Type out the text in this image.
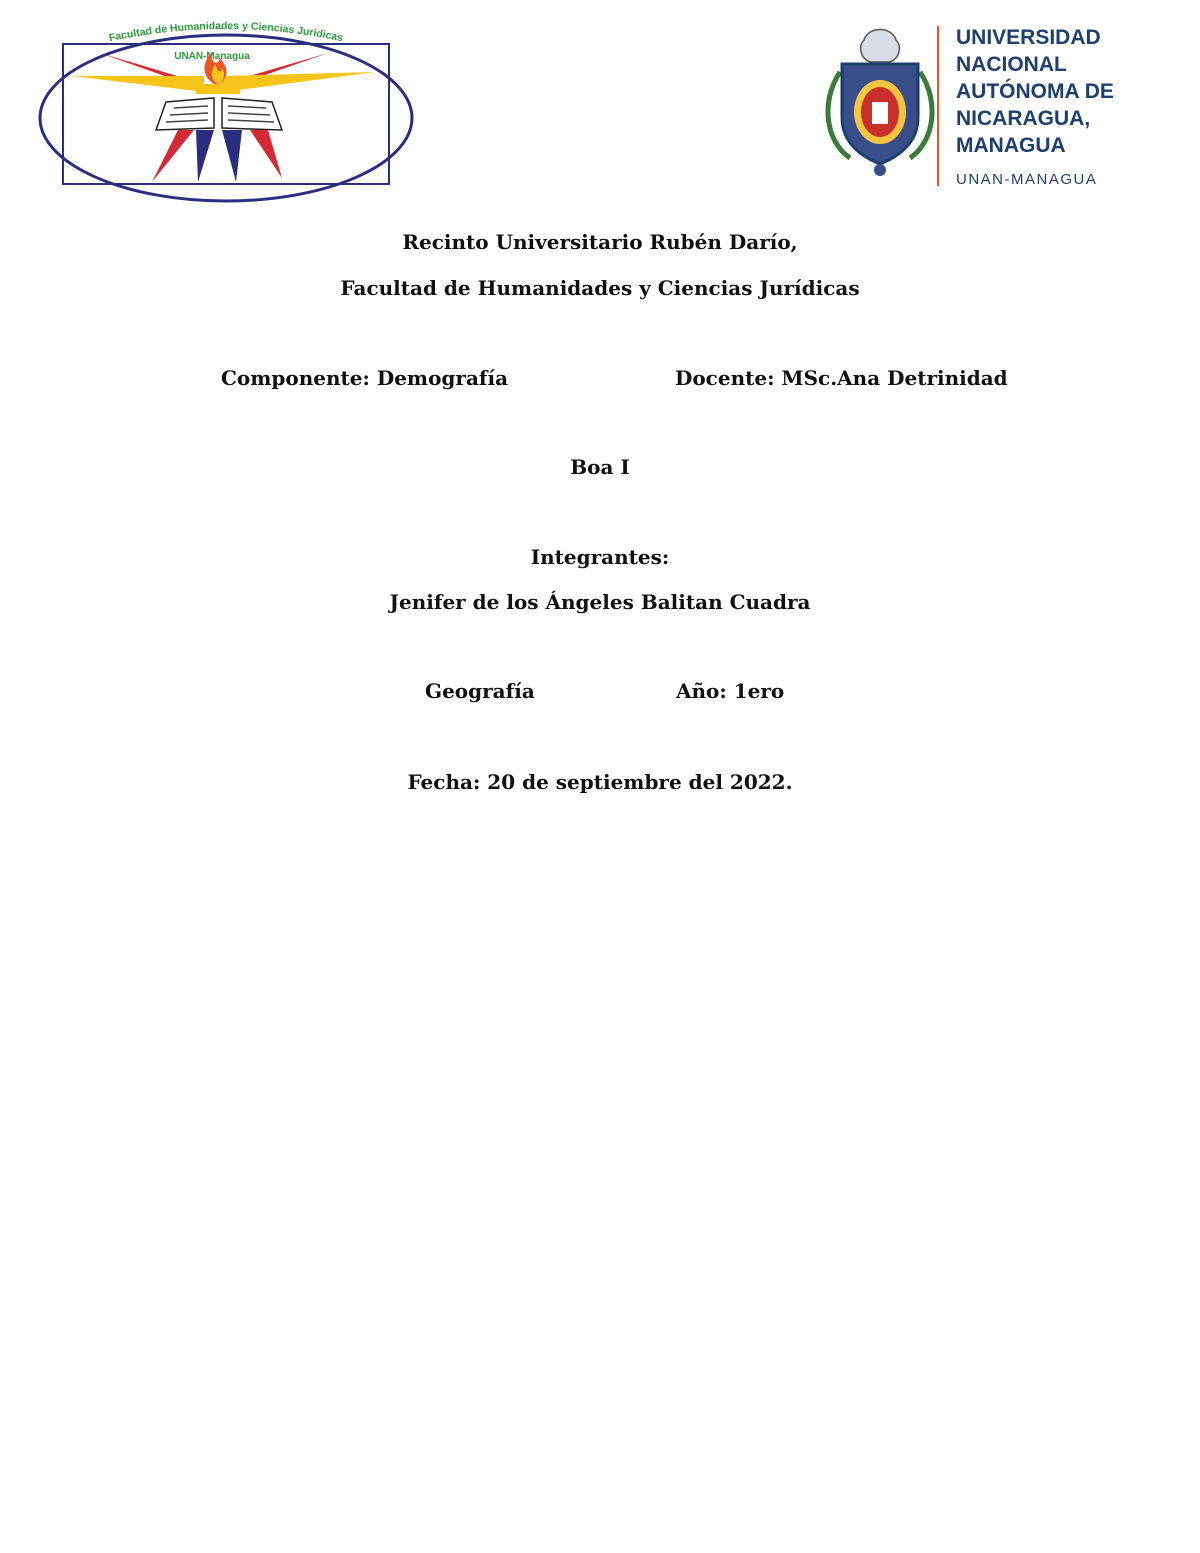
Facultad de Humanidades y Ciencias Jurídicas
UNAN-Managua
UNIVERSIDAD
NACIONAL
AUTÓNOMA DE
NICARAGUA,
MANAGUA
UNAN-MANAGUA
Recinto Universitario Rubén Darío,
Facultad de Humanidades y Ciencias Jurídicas
Componente: Demografía	Docente: MSc.Ana Detrinidad
Boa I
Integrantes:
Jenifer de los Ángeles Balitan Cuadra
Geografía	Año: 1ero
Fecha: 20 de septiembre del 2022.
